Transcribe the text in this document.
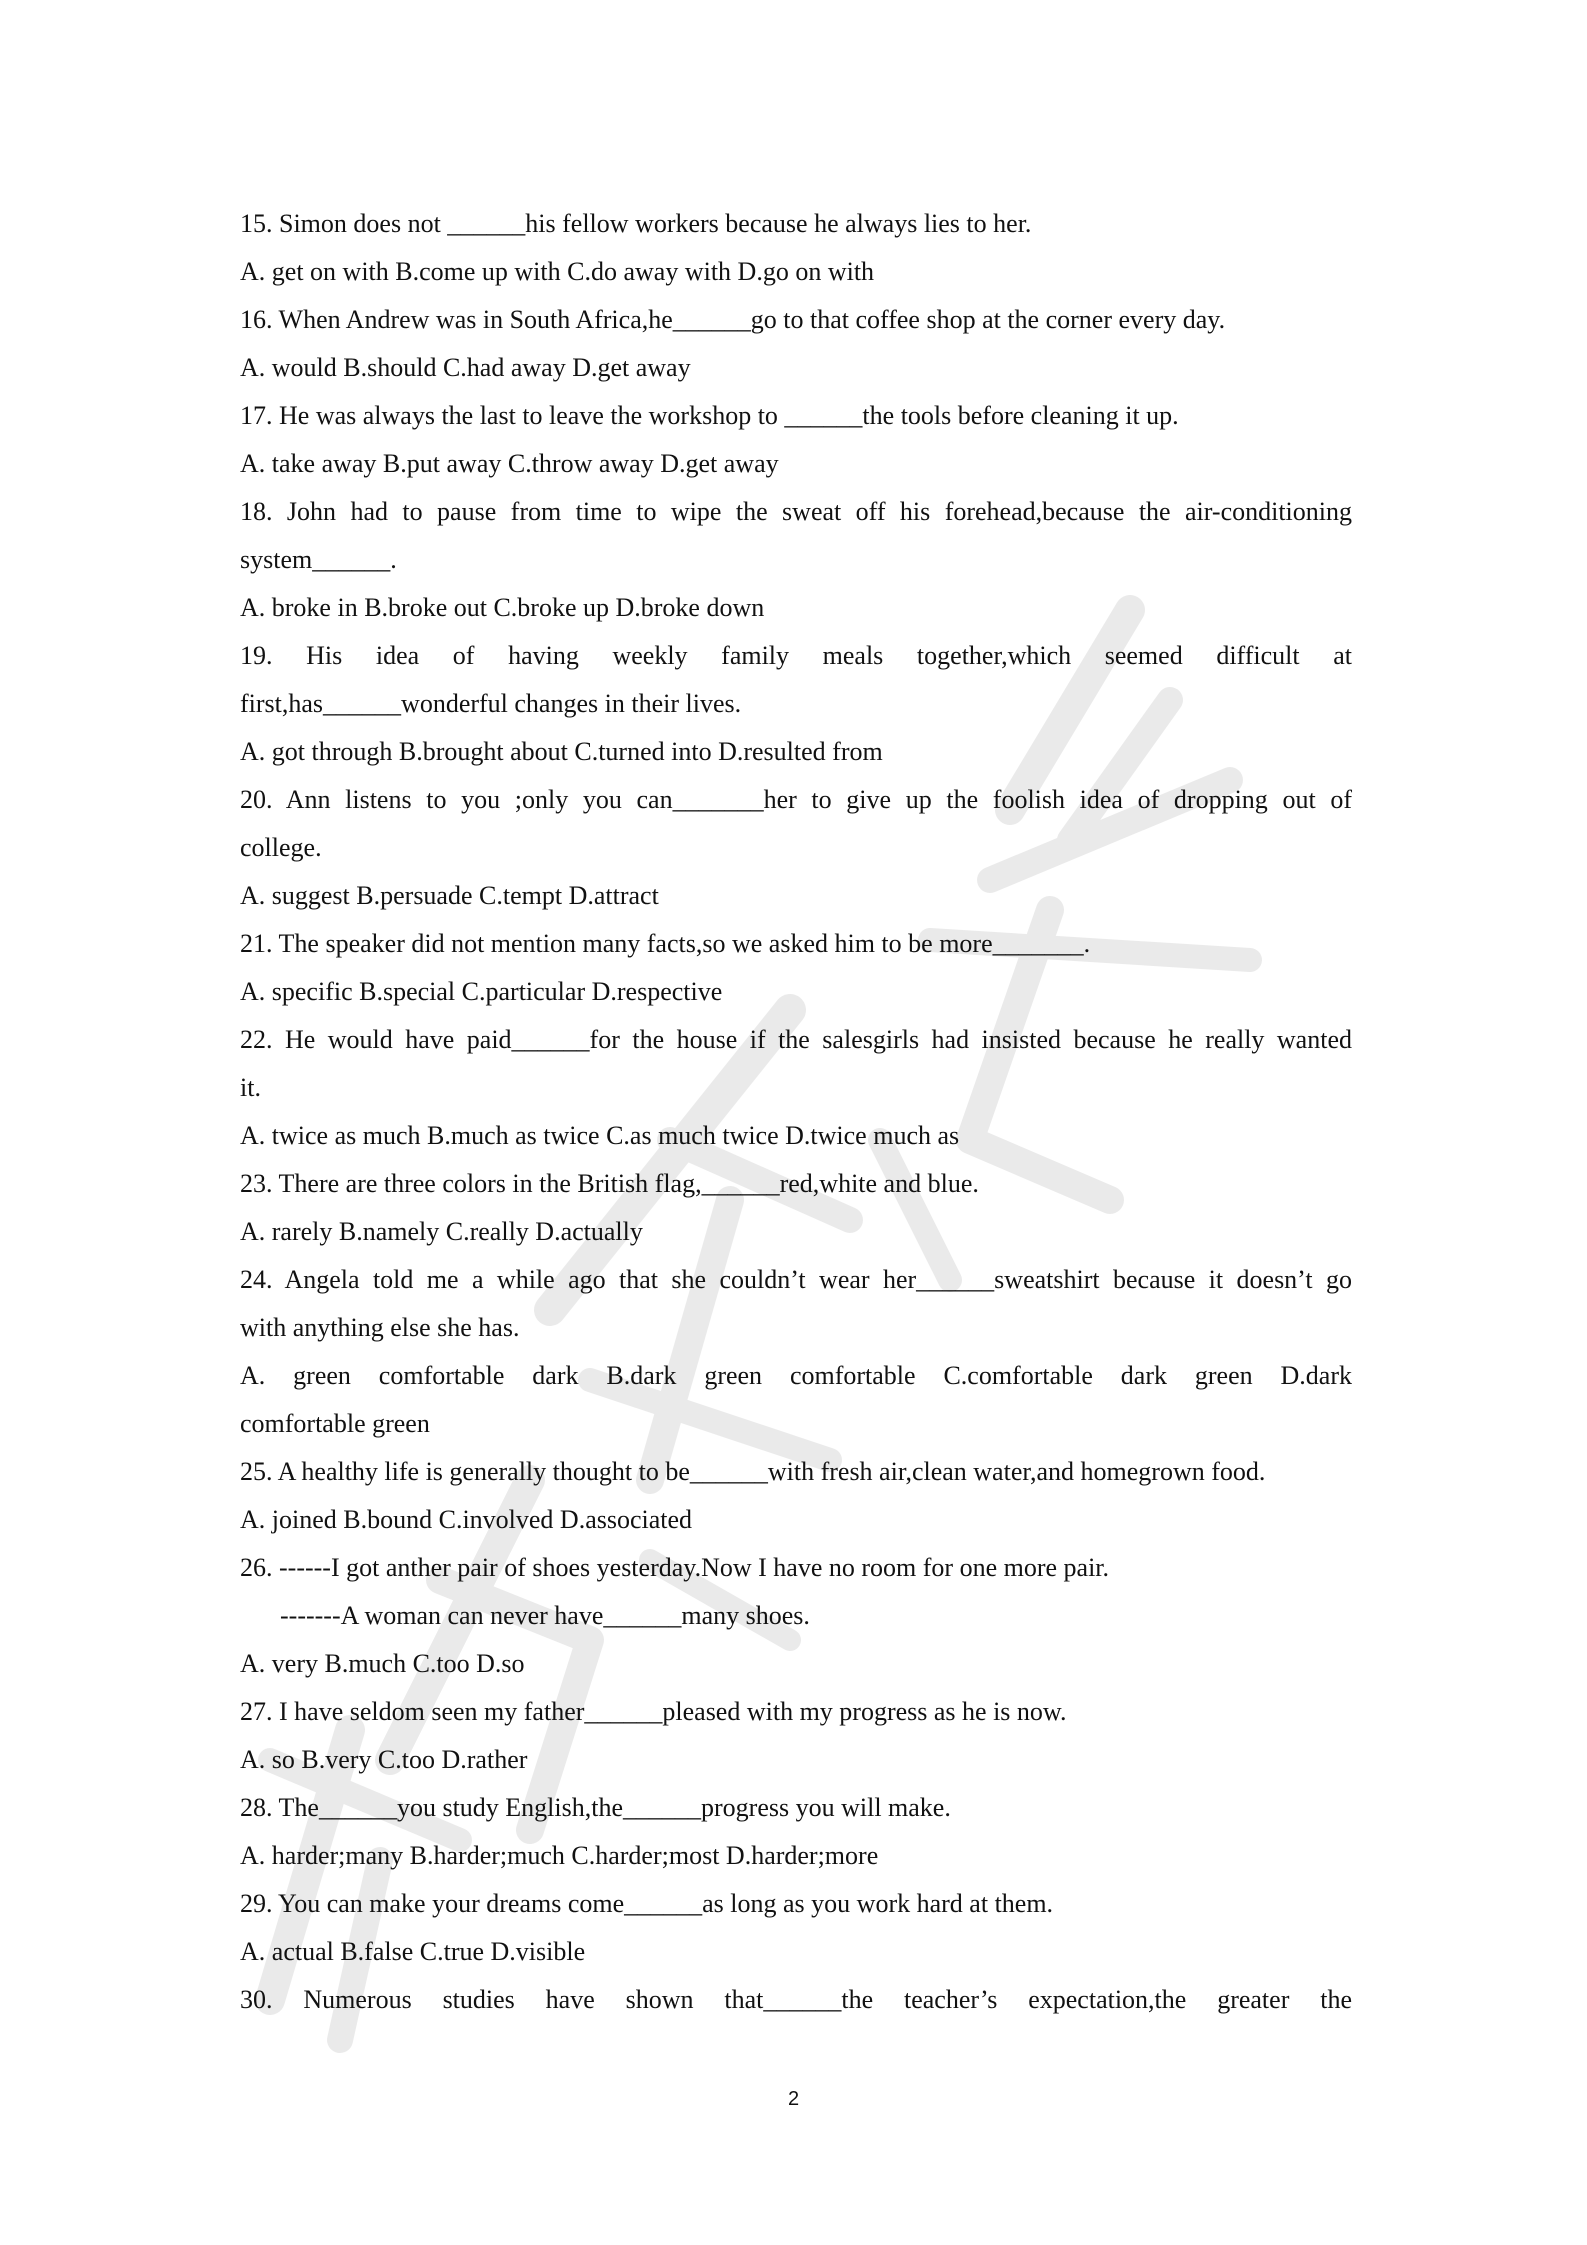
15. Simon does not ______his fellow workers because he always lies to her.
A. get on with B.come up with C.do away with D.go on with
16. When Andrew was in South Africa,he______go to that coffee shop at the corner every day.
A. would B.should C.had away D.get away
17. He was always the last to leave the workshop to ______the tools before cleaning it up.
A. take away B.put away C.throw away D.get away
18. John had to pause from time to wipe the sweat off his forehead,because the air-conditioning
system______.
A. broke in B.broke out C.broke up D.broke down
19. His idea of having weekly family meals together,which seemed difficult at
first,has______wonderful changes in their lives.
A. got through B.brought about C.turned into D.resulted from
20. Ann listens to you ;only you can_______her to give up the foolish idea of dropping out of
college.
A. suggest B.persuade C.tempt D.attract
21. The speaker did not mention many facts,so we asked him to be more_______.
A. specific B.special C.particular D.respective
22. He would have paid______for the house if the salesgirls had insisted because he really wanted
it.
A. twice as much B.much as twice C.as much twice D.twice much as
23. There are three colors in the British flag,______red,white and blue.
A. rarely B.namely C.really D.actually
24. Angela told me a while ago that she couldn’t wear her______sweatshirt because it doesn’t go
with anything else she has.
A. green comfortable dark B.dark green comfortable C.comfortable dark green D.dark
comfortable green
25. A healthy life is generally thought to be______with fresh air,clean water,and homegrown food.
A. joined B.bound C.involved D.associated
26. ------I got anther pair of shoes yesterday.Now I have no room for one more pair.
-------A woman can never have______many shoes.
A. very B.much C.too D.so
27. I have seldom seen my father______pleased with my progress as he is now.
A. so B.very C.too D.rather
28. The______you study English,the______progress you will make.
A. harder;many B.harder;much C.harder;most D.harder;more
29. You can make your dreams come______as long as you work hard at them.
A. actual B.false C.true D.visible
30. Numerous studies have shown that______the teacher’s expectation,the greater the
2
